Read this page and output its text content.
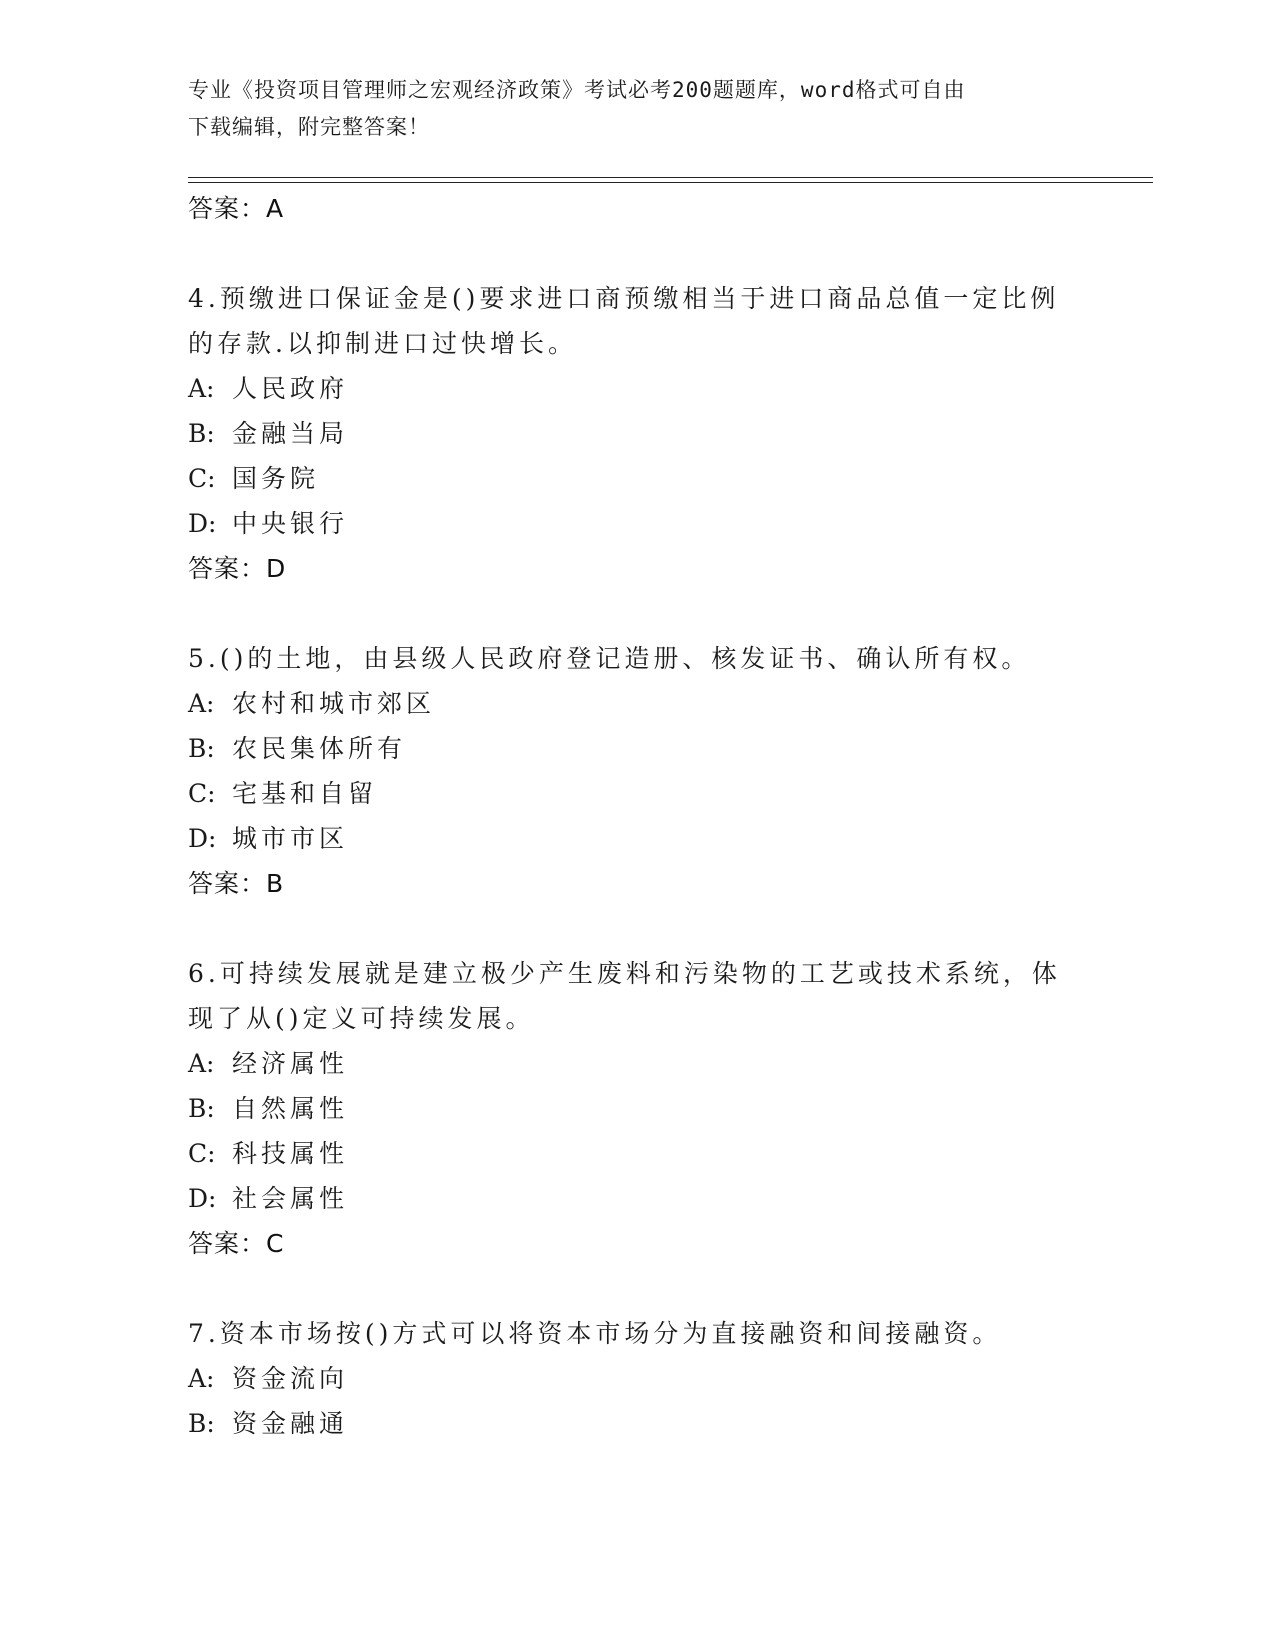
专业《投资项目管理师之宏观经济政策》考试必考200题题库，word格式可自由
下载编辑，附完整答案！
答案：A
4.预缴进口保证金是()要求进口商预缴相当于进口商品总值一定比例
的存款.以抑制进口过快增长。
A: 人民政府
B: 金融当局
C: 国务院
D: 中央银行
答案：D
5.()的土地，由县级人民政府登记造册、核发证书、确认所有权。
A: 农村和城市郊区
B: 农民集体所有
C: 宅基和自留
D: 城市市区
答案：B
6.可持续发展就是建立极少产生废料和污染物的工艺或技术系统，体
现了从()定义可持续发展。
A: 经济属性
B: 自然属性
C: 科技属性
D: 社会属性
答案：C
7.资本市场按()方式可以将资本市场分为直接融资和间接融资。
A: 资金流向
B: 资金融通
